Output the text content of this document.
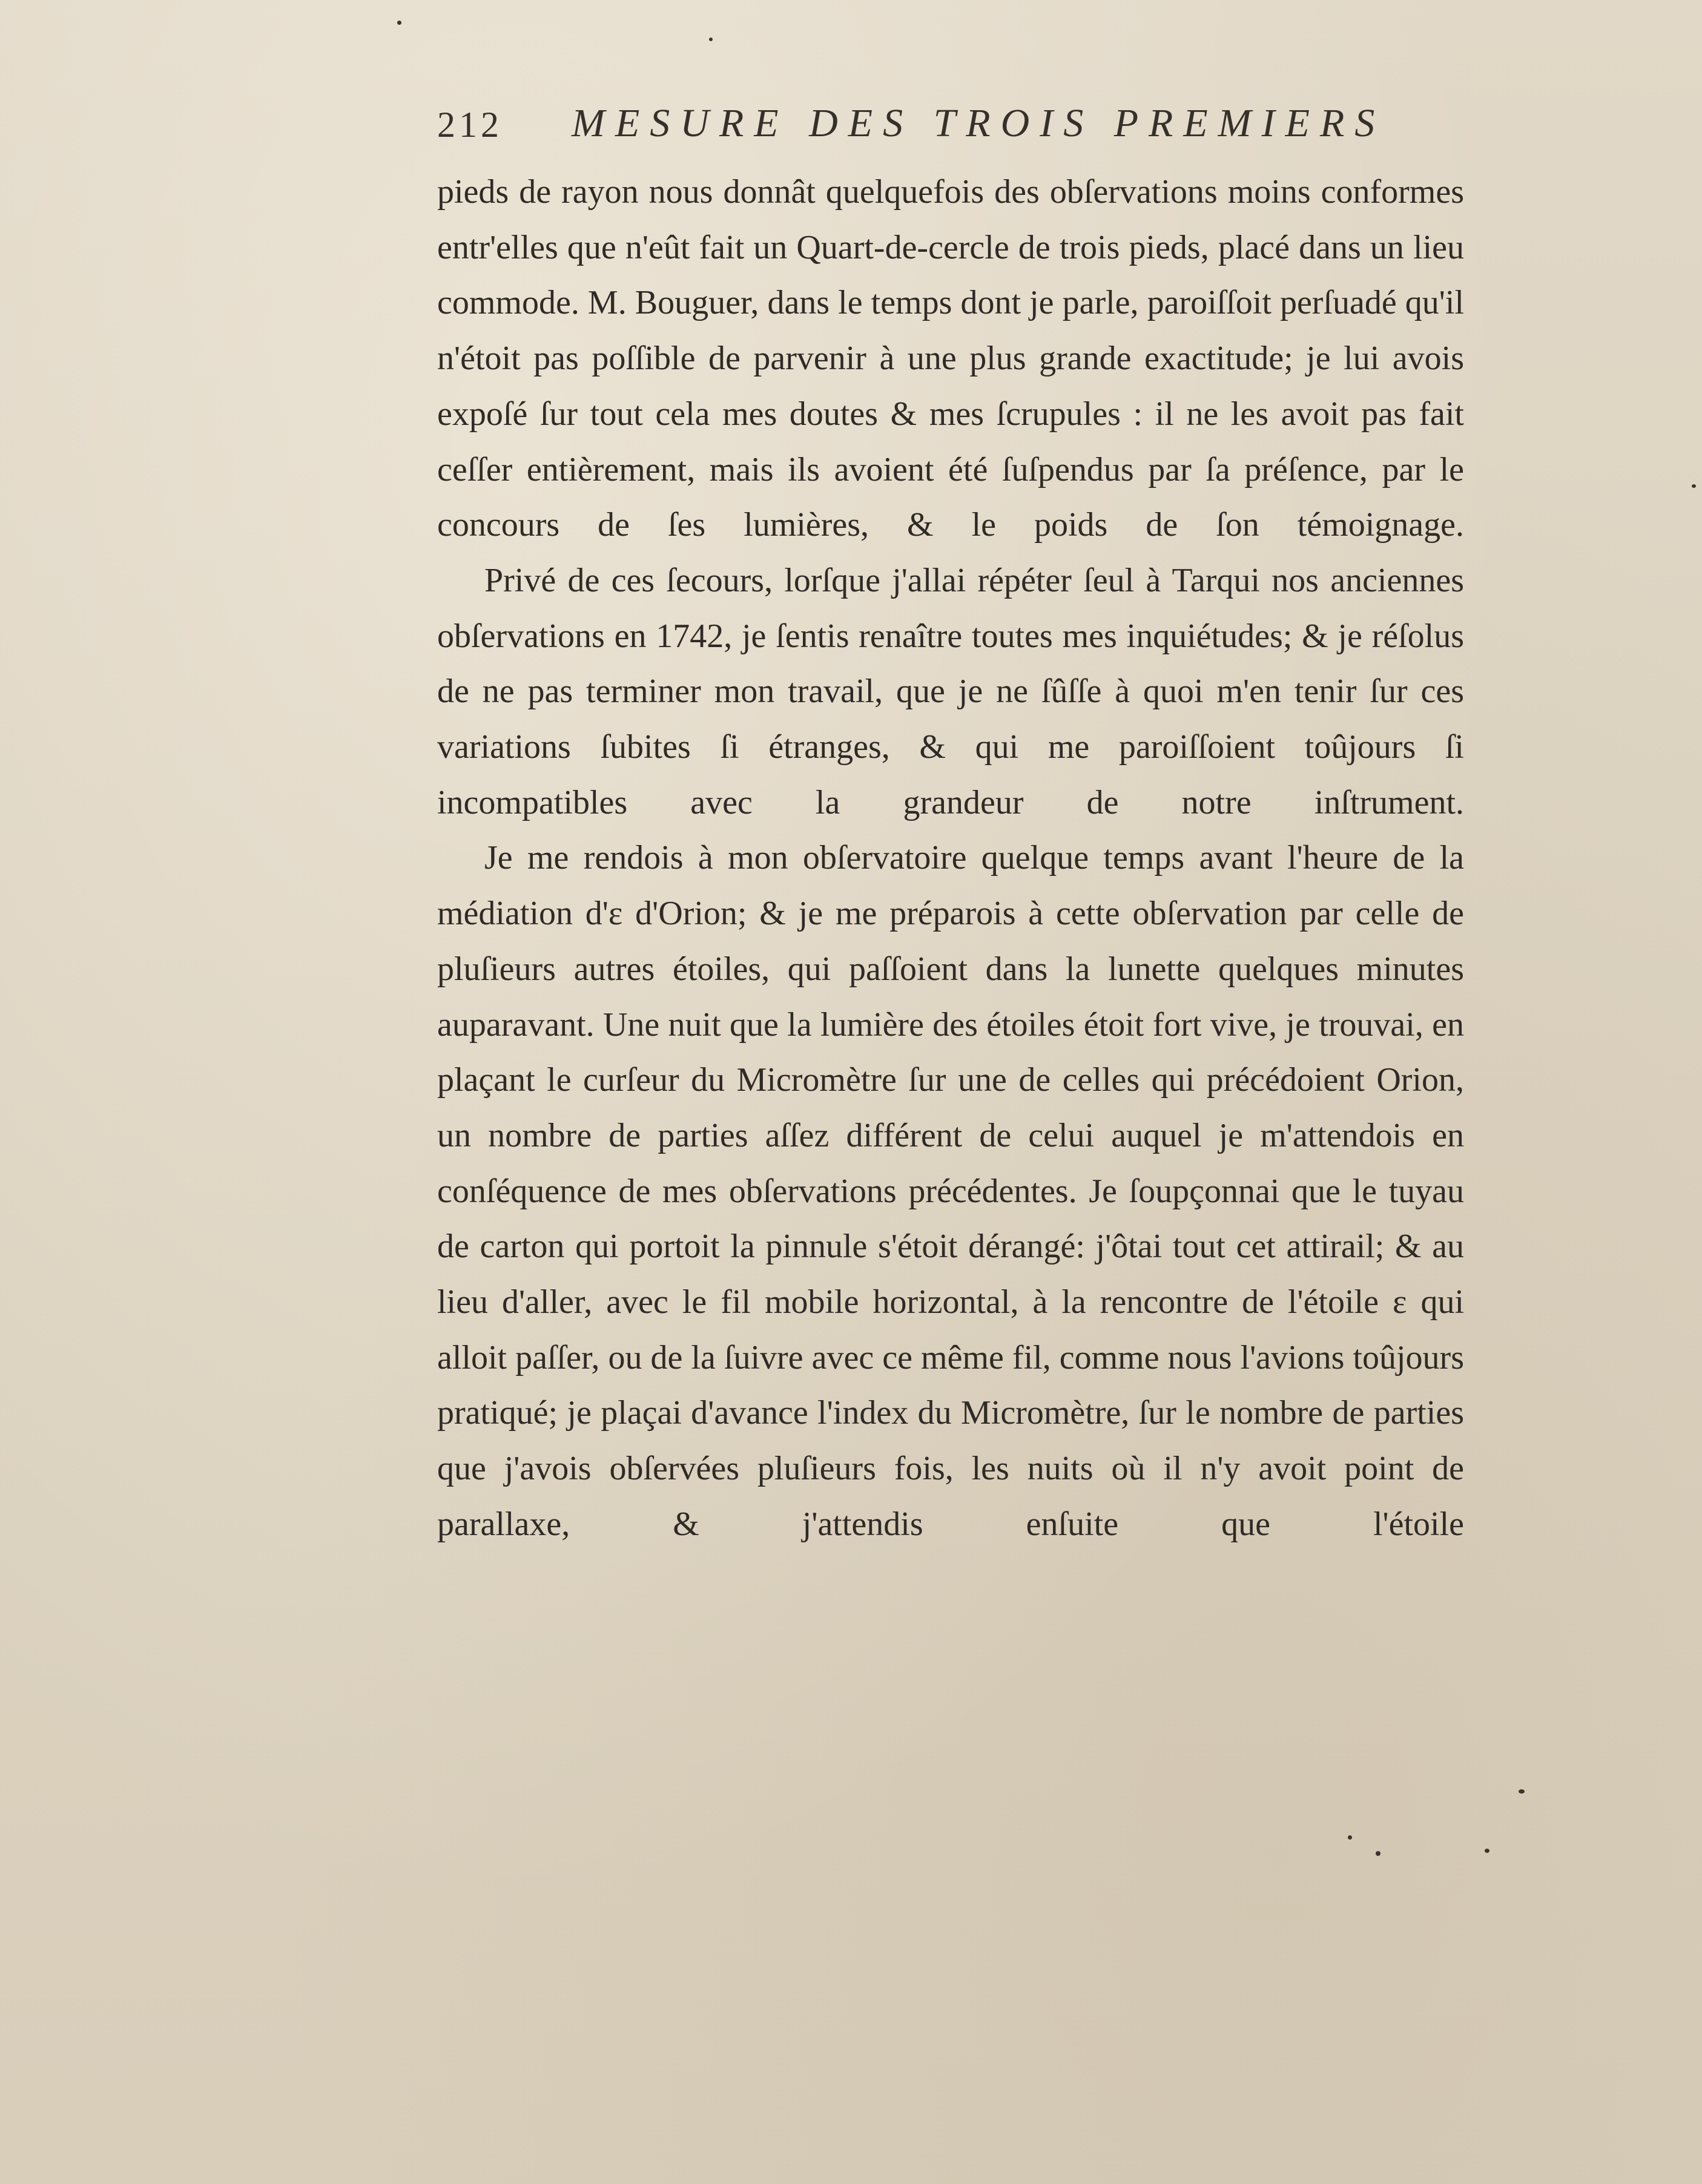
212 MESURE DES TROIS PREMIERS

pieds de rayon nous donnât quelquefois des obſervations moins conformes entr'elles que n'eût fait un Quart-de-cercle de trois pieds, placé dans un lieu commode. M. Bouguer, dans le temps dont je parle, paroiſſoit perſuadé qu'il n'étoit pas poſſible de parvenir à une plus grande exactitude; je lui avois expoſé ſur tout cela mes doutes & mes ſcrupules : il ne les avoit pas fait ceſſer entièrement, mais ils avoient été ſuſpendus par ſa préſence, par le concours de ſes lumières, & le poids de ſon témoignage.

Privé de ces ſecours, lorſque j'allai répéter ſeul à Tarqui nos anciennes obſervations en 1742, je ſentis renaître toutes mes inquiétudes; & je réſolus de ne pas terminer mon travail, que je ne ſûſſe à quoi m'en tenir ſur ces variations ſubites ſi étranges, & qui me paroiſſoient toûjours ſi incompatibles avec la grandeur de notre inſtrument.

Je me rendois à mon obſervatoire quelque temps avant l'heure de la médiation d'ε d'Orion; & je me préparois à cette obſervation par celle de pluſieurs autres étoiles, qui paſſoient dans la lunette quelques minutes auparavant. Une nuit que la lumière des étoiles étoit fort vive, je trouvai, en plaçant le curſeur du Micromètre ſur une de celles qui précédoient Orion, un nombre de parties aſſez différent de celui auquel je m'attendois en conſéquence de mes obſervations précédentes. Je ſoupçonnai que le tuyau de carton qui portoit la pinnule s'étoit dérangé: j'ôtai tout cet attirail; & au lieu d'aller, avec le fil mobile horizontal, à la rencontre de l'étoile ε qui alloit paſſer, ou de la ſuivre avec ce même fil, comme nous l'avions toûjours pratiqué; je plaçai d'avance l'index du Micromètre, ſur le nombre de parties que j'avois obſervées pluſieurs fois, les nuits où il n'y avoit point de parallaxe, & j'attendis enſuite que l'étoile
